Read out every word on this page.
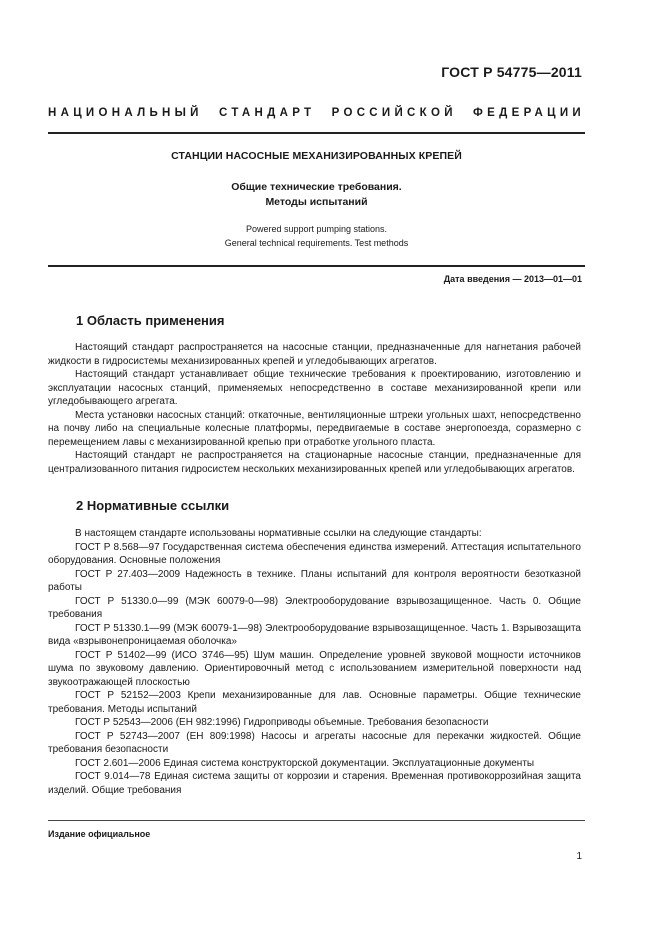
ГОСТ Р 54775—2011
НАЦИОНАЛЬНЫЙ СТАНДАРТ РОССИЙСКОЙ ФЕДЕРАЦИИ
СТАНЦИИ НАСОСНЫЕ МЕХАНИЗИРОВАННЫХ КРЕПЕЙ
Общие технические требования.
Методы испытаний
Powered support pumping stations.
General technical requirements. Test methods
Дата введения — 2013—01—01
1 Область применения

Настоящий стандарт распространяется на насосные станции, предназначенные для нагнетания рабочей жидкости в гидросистемы механизированных крепей и угледобывающих агрегатов.

Настоящий стандарт устанавливает общие технические требования к проектированию, изготовлению и эксплуатации насосных станций, применяемых непосредственно в составе механизированной крепи или угледобывающего агрегата.

Места установки насосных станций: откаточные, вентиляционные штреки угольных шахт, непосредственно на почву либо на специальные колесные платформы, передвигаемые в составе энергопоезда, соразмерно с перемещением лавы с механизированной крепью при отработке угольного пласта.

Настоящий стандарт не распространяется на стационарные насосные станции, предназначенные для централизованного питания гидросистем нескольких механизированных крепей или угледобывающих агрегатов.

2 Нормативные ссылки

В настоящем стандарте использованы нормативные ссылки на следующие стандарты:

ГОСТ Р 8.568—97 Государственная система обеспечения единства измерений. Аттестация испытательного оборудования. Основные положения

ГОСТ Р 27.403—2009 Надежность в технике. Планы испытаний для контроля вероятности безотказной работы

ГОСТ Р 51330.0—99 (МЭК 60079-0—98) Электрооборудование взрывозащищенное. Часть 0. Общие требования

ГОСТ Р 51330.1—99 (МЭК 60079-1—98) Электрооборудование взрывозащищенное. Часть 1. Взрывозащита вида «взрывонепроницаемая оболочка»

ГОСТ Р 51402—99 (ИСО 3746—95) Шум машин. Определение уровней звуковой мощности источников шума по звуковому давлению. Ориентировочный метод с использованием измерительной поверхности над звукоотражающей плоскостью

ГОСТ Р 52152—2003 Крепи механизированные для лав. Основные параметры. Общие технические требования. Методы испытаний

ГОСТ Р 52543—2006 (ЕН 982:1996) Гидроприводы объемные. Требования безопасности

ГОСТ Р 52743—2007 (ЕН 809:1998) Насосы и агрегаты насосные для перекачки жидкостей. Общие требования безопасности

ГОСТ 2.601—2006 Единая система конструкторской документации. Эксплуатационные документы

ГОСТ 9.014—78 Единая система защиты от коррозии и старения. Временная противокоррозийная защита изделий. Общие требования

Издание официальное
1
